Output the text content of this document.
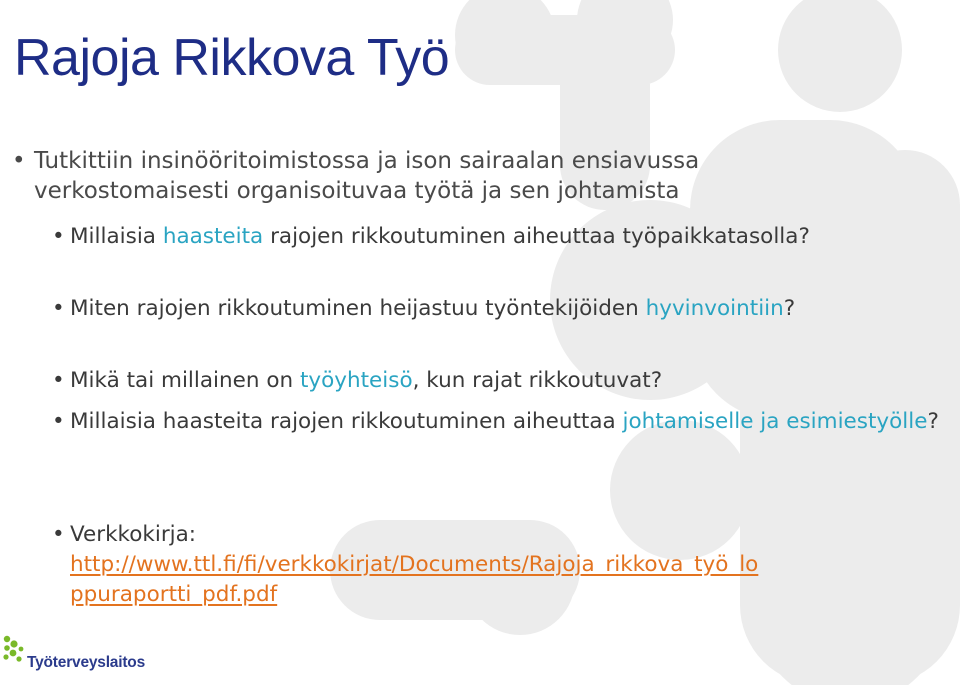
Rajoja Rikkova Työ

• Tutkittiin insinööritoimistossa ja ison sairaalan ensiavussa verkostomaisesti organisoituvaa työtä ja sen johtamista

• Millaisia haasteita rajojen rikkoutuminen aiheuttaa työpaikkatasolla?

• Miten rajojen rikkoutuminen heijastuu työntekijöiden hyvinvointiin?

• Mikä tai millainen on työyhteisö, kun rajat rikkoutuvat?

• Millaisia haasteita rajojen rikkoutuminen aiheuttaa johtamiselle ja esimiestyölle?

• Verkkokirja:
http://www.ttl.fi/fi/verkkokirjat/Documents/Rajoja_rikkova_työ_lo
ppuraportti_pdf.pdf

Työterveyslaitos
